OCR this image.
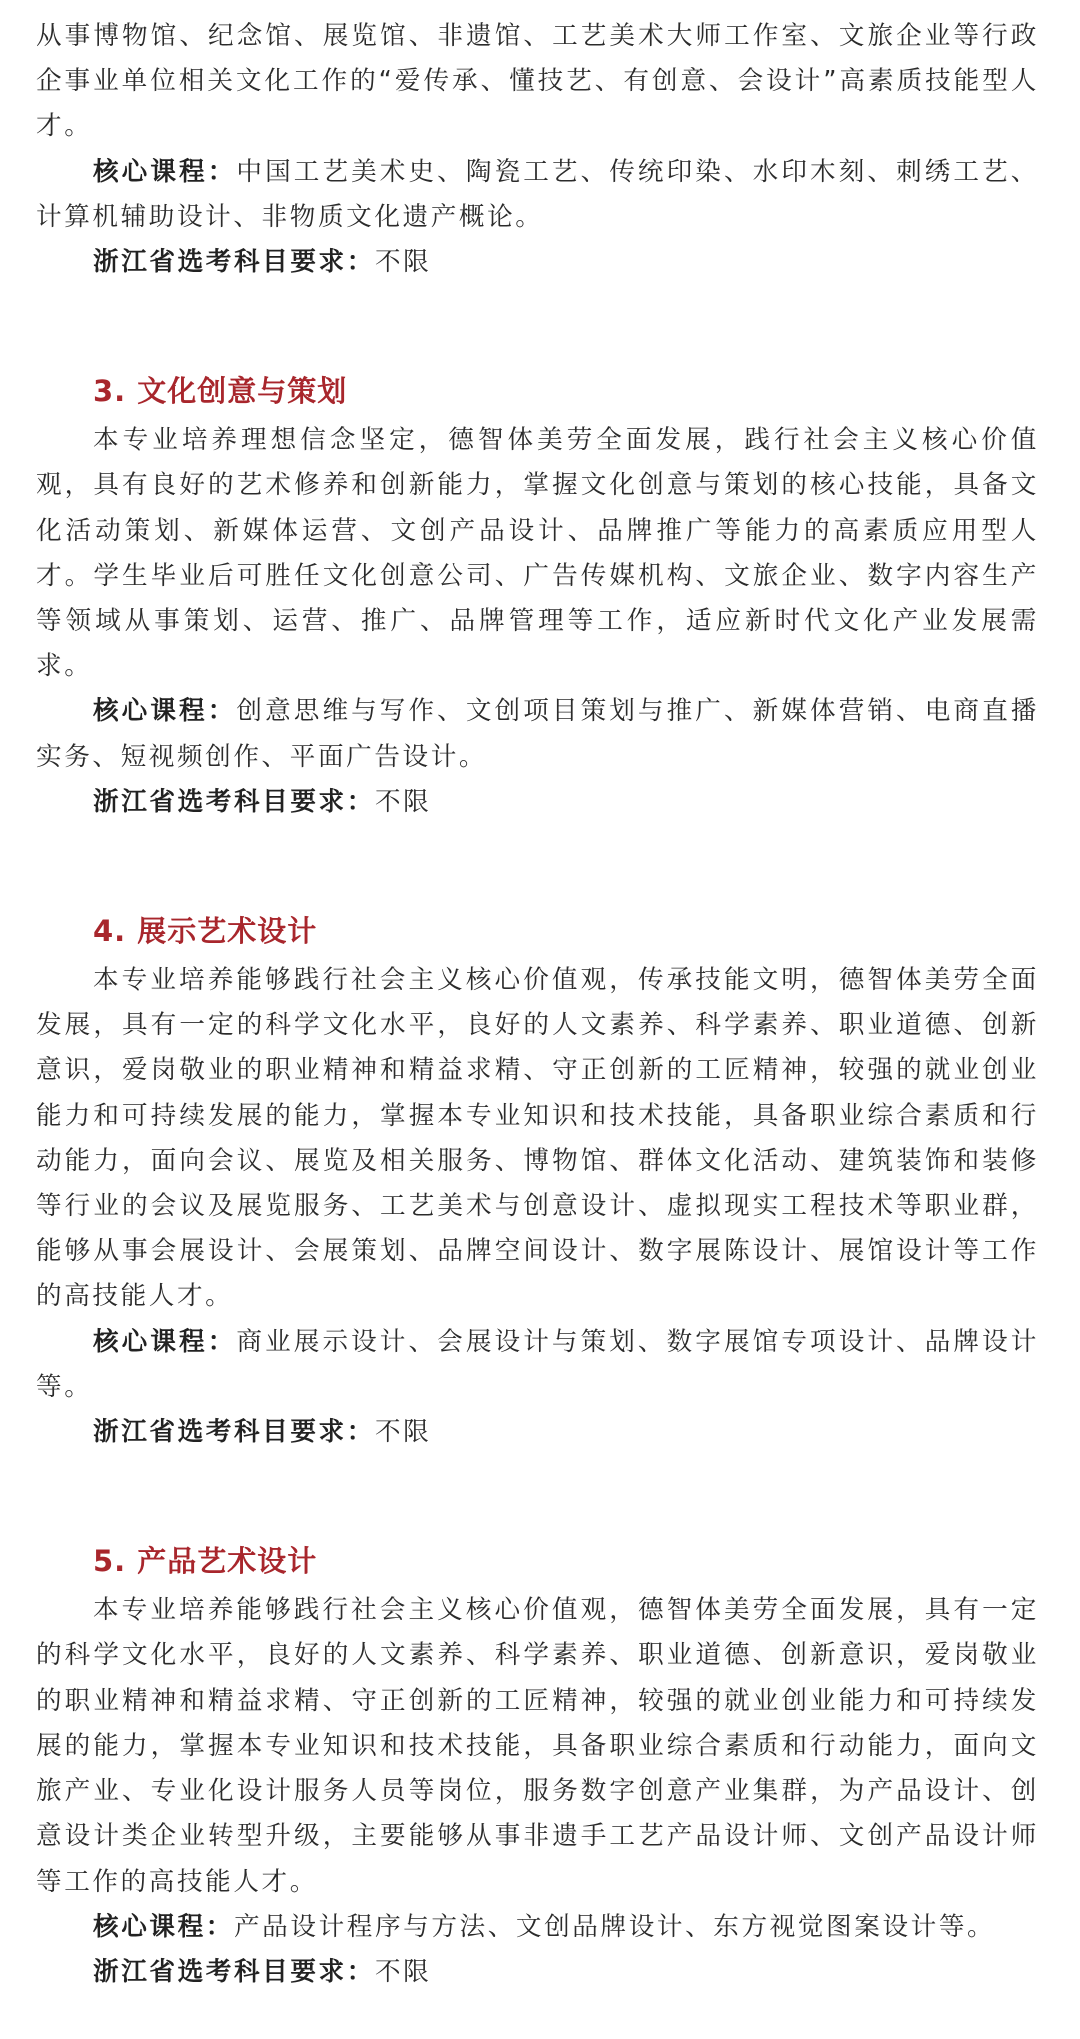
从事博物馆、纪念馆、展览馆、非遗馆、工艺美术大师工作室、文旅企业等行政企事业单位相关文化工作的“爱传承、懂技艺、有创意、会设计”高素质技能型人才。

核心课程：中国工艺美术史、陶瓷工艺、传统印染、水印木刻、刺绣工艺、计算机辅助设计、非物质文化遗产概论。

浙江省选考科目要求：不限

3. 文化创意与策划

本专业培养理想信念坚定，德智体美劳全面发展，践行社会主义核心价值观，具有良好的艺术修养和创新能力，掌握文化创意与策划的核心技能，具备文化活动策划、新媒体运营、文创产品设计、品牌推广等能力的高素质应用型人才。学生毕业后可胜任文化创意公司、广告传媒机构、文旅企业、数字内容生产等领域从事策划、运营、推广、品牌管理等工作，适应新时代文化产业发展需求。

核心课程：创意思维与写作、文创项目策划与推广、新媒体营销、电商直播实务、短视频创作、平面广告设计。

浙江省选考科目要求：不限

4. 展示艺术设计

本专业培养能够践行社会主义核心价值观，传承技能文明，德智体美劳全面发展，具有一定的科学文化水平，良好的人文素养、科学素养、职业道德、创新意识，爱岗敬业的职业精神和精益求精、守正创新的工匠精神，较强的就业创业能力和可持续发展的能力，掌握本专业知识和技术技能，具备职业综合素质和行动能力，面向会议、展览及相关服务、博物馆、群体文化活动、建筑装饰和装修等行业的会议及展览服务、工艺美术与创意设计、虚拟现实工程技术等职业群，能够从事会展设计、会展策划、品牌空间设计、数字展陈设计、展馆设计等工作的高技能人才。

核心课程：商业展示设计、会展设计与策划、数字展馆专项设计、品牌设计等。

浙江省选考科目要求：不限

5. 产品艺术设计

本专业培养能够践行社会主义核心价值观，德智体美劳全面发展，具有一定的科学文化水平，良好的人文素养、科学素养、职业道德、创新意识，爱岗敬业的职业精神和精益求精、守正创新的工匠精神，较强的就业创业能力和可持续发展的能力，掌握本专业知识和技术技能，具备职业综合素质和行动能力，面向文旅产业、专业化设计服务人员等岗位，服务数字创意产业集群，为产品设计、创意设计类企业转型升级，主要能够从事非遗手工艺产品设计师、文创产品设计师等工作的高技能人才。

核心课程：产品设计程序与方法、文创品牌设计、东方视觉图案设计等。

浙江省选考科目要求：不限
